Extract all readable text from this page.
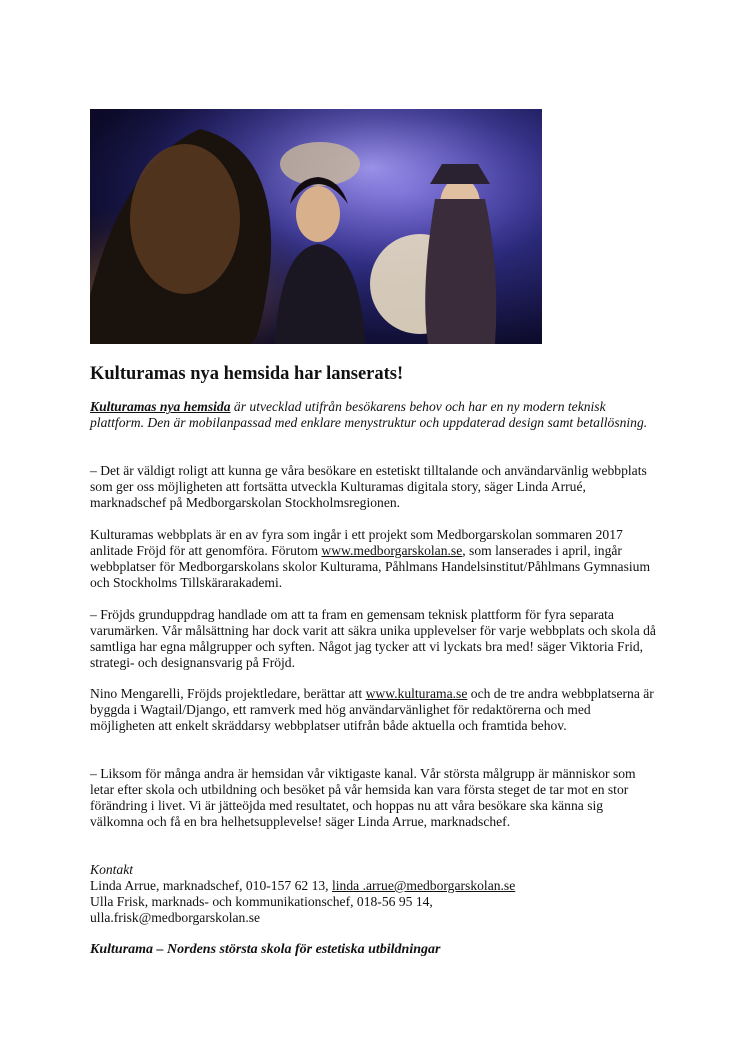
Kulturamas nya hemsida har lanserats!

Kulturamas nya hemsida är utvecklad utifrån besökarens behov och har en ny modern teknisk plattform. Den är mobilanpassad med enklare menystruktur och uppdaterad design samt betallösning.

– Det är väldigt roligt att kunna ge våra besökare en estetiskt tilltalande och användarvänlig webbplats som ger oss möjligheten att fortsätta utveckla Kulturamas digitala story, säger Linda Arrué, marknadschef på Medborgarskolan Stockholmsregionen.

Kulturamas webbplats är en av fyra som ingår i ett projekt som Medborgarskolan sommaren 2017 anlitade Fröjd för att genomföra. Förutom www.medborgarskolan.se, som lanserades i april, ingår webbplatser för Medborgarskolans skolor Kulturama, Påhlmans Handelsinstitut/Påhlmans Gymnasium och Stockholms Tillskärarakademi.

– Fröjds grunduppdrag handlade om att ta fram en gemensam teknisk plattform för fyra separata varumärken. Vår målsättning har dock varit att säkra unika upplevelser för varje webbplats och skola då samtliga har egna målgrupper och syften. Något jag tycker att vi lyckats bra med! säger Viktoria Frid, strategi- och designansvarig på Fröjd.

Nino Mengarelli, Fröjds projektledare, berättar att www.kulturama.se och de tre andra webbplatserna är byggda i Wagtail/Django, ett ramverk med hög användarvänlighet för redaktörerna och med möjligheten att enkelt skräddarsy webbplatser utifrån både aktuella och framtida behov.

– Liksom för många andra är hemsidan vår viktigaste kanal. Vår största målgrupp är människor som letar efter skola och utbildning och besöket på vår hemsida kan vara första steget de tar mot en stor förändring i livet. Vi är jätteöjda med resultatet, och hoppas nu att våra besökare ska känna sig välkomna och få en bra helhetsupplevelse! säger Linda Arrue, marknadschef.

Kontakt

Linda Arrue, marknadschef, 010-157 62 13, linda .arrue@medborgarskolan.se

Ulla Frisk, marknads- och kommunikationschef, 018-56 95 14,

ulla.frisk@medborgarskolan.se

Kulturama – Nordens största skola för estetiska utbildningar
